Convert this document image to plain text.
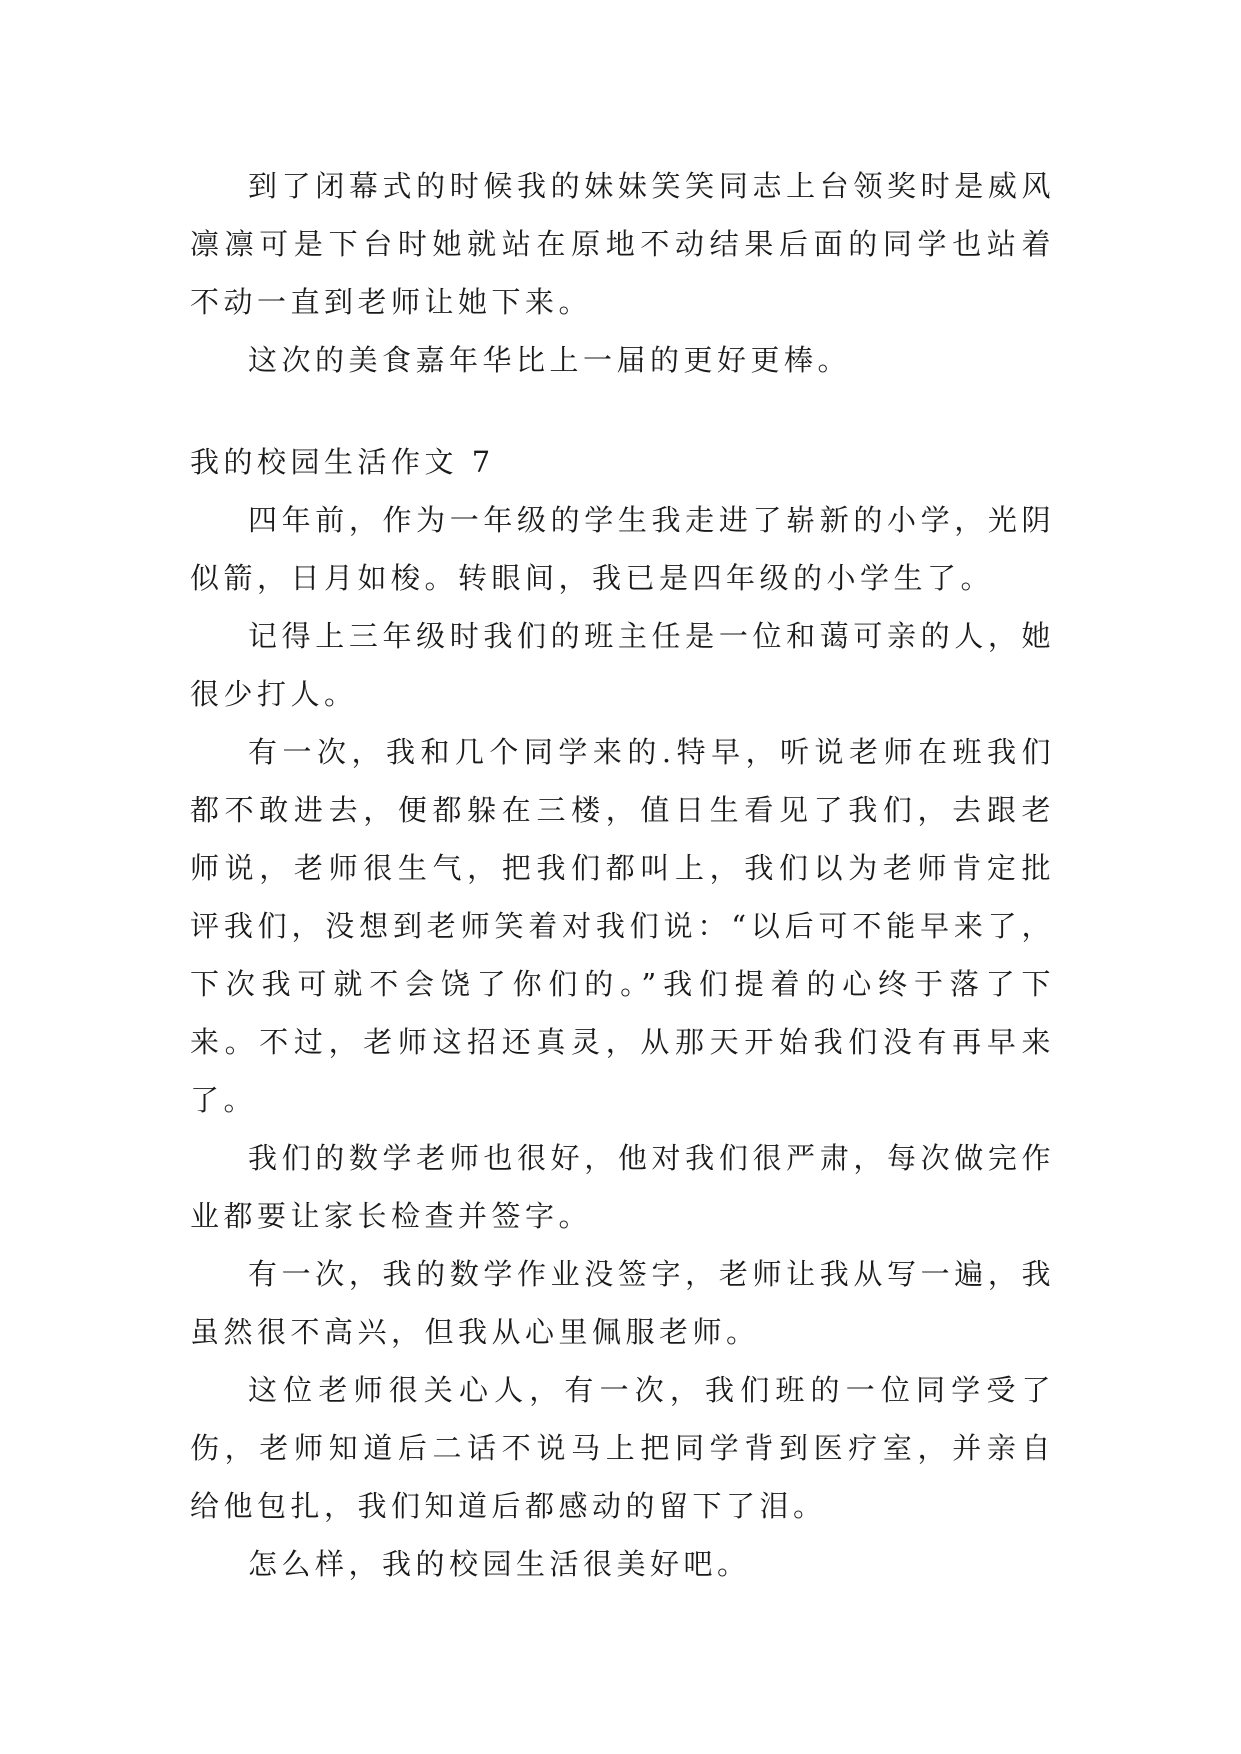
到了闭幕式的时候我的妹妹笑笑同志上台领奖时是威风凛凛可是下台时她就站在原地不动结果后面的同学也站着不动一直到老师让她下来。

这次的美食嘉年华比上一届的更好更棒。

我的校园生活作文 7

四年前，作为一年级的学生我走进了崭新的小学，光阴似箭，日月如梭。转眼间，我已是四年级的小学生了。

记得上三年级时我们的班主任是一位和蔼可亲的人，她很少打人。

有一次，我和几个同学来的.特早，听说老师在班我们都不敢进去，便都躲在三楼，值日生看见了我们，去跟老师说，老师很生气，把我们都叫上，我们以为老师肯定批评我们，没想到老师笑着对我们说：“以后可不能早来了，下次我可就不会饶了你们的。”我们提着的心终于落了下来。不过，老师这招还真灵，从那天开始我们没有再早来了。

我们的数学老师也很好，他对我们很严肃，每次做完作业都要让家长检查并签字。

有一次，我的数学作业没签字，老师让我从写一遍，我虽然很不高兴，但我从心里佩服老师。

这位老师很关心人，有一次，我们班的一位同学受了伤，老师知道后二话不说马上把同学背到医疗室，并亲自给他包扎，我们知道后都感动的留下了泪。

怎么样，我的校园生活很美好吧。
